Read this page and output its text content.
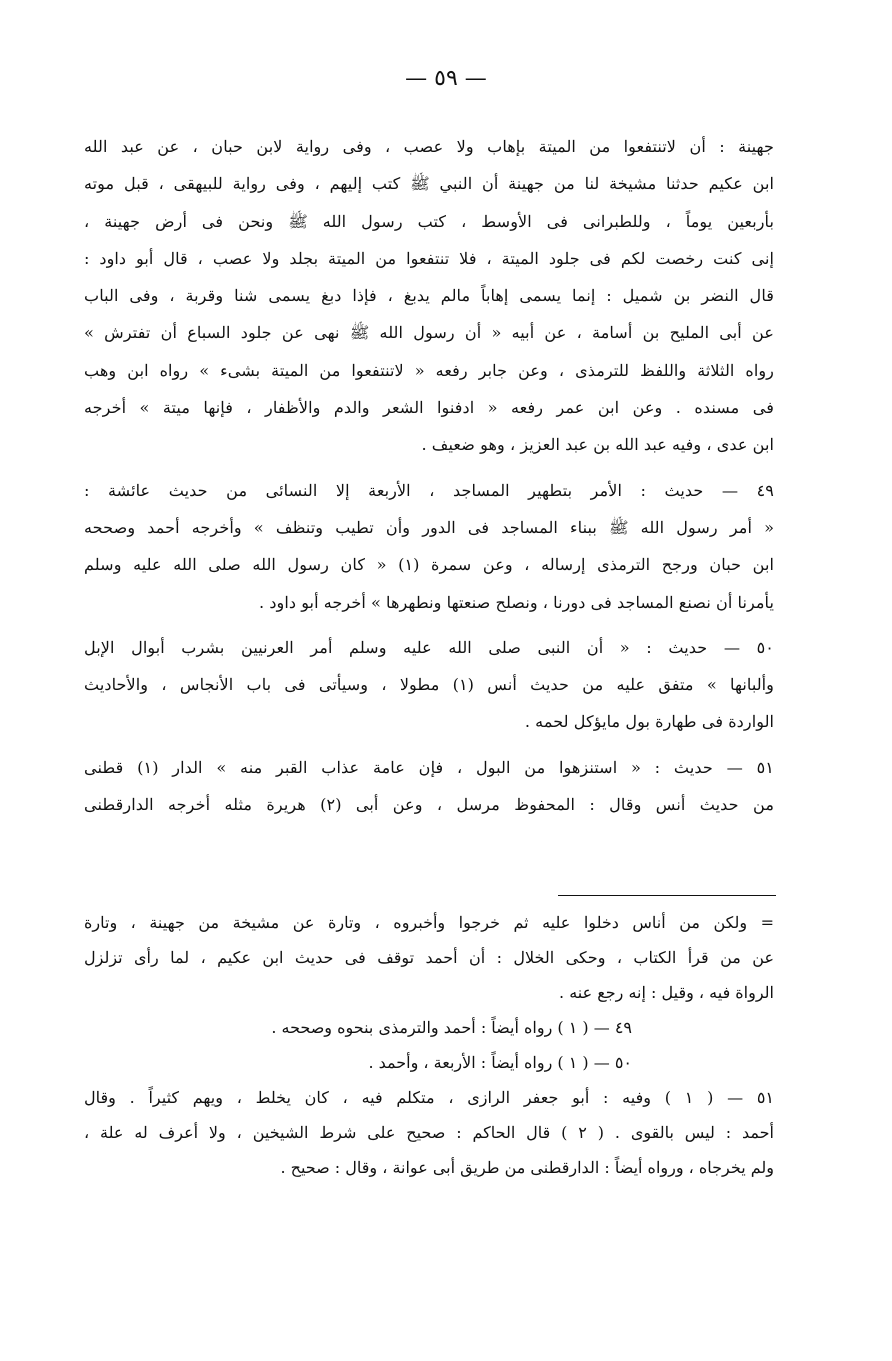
— ٥٩ —
جهينة : أن لاتنتفعوا من الميتة بإهاب ولا عصب ، وفى رواية لابن حبان ، عن عبد الله
ابن عكيم حدثنا مشيخة لنا من جهينة أن النبي ﷺ كتب إليهم ، وفى رواية للبيهقى ، قبل موته
بأربعين يوماً ، وللطبرانى فى الأوسط ، كتب رسول الله ﷺ ونحن فى أرض جهينة ،
إنى كنت رخصت لكم فى جلود الميتة ، فلا تنتفعوا من الميتة بجلد ولا عصب ، قال أبو داود :
قال النضر بن شميل : إنما يسمى إهاباً مالم يدبغ ، فإذا دبغ يسمى شنا وقربة ، وفى الباب
عن أبى المليح بن أسامة ، عن أبيه « أن رسول الله ﷺ نهى عن جلود السباع أن تفترش »
رواه الثلاثة واللفظ للترمذى ، وعن جابر رفعه « لاتنتفعوا من الميتة بشىء » رواه ابن وهب
فى مسنده . وعن ابن عمر رفعه « ادفنوا الشعر والدم والأظفار ، فإنها ميتة » أخرجه
ابن عدى ، وفيه عبد الله بن عبد العزيز ، وهو ضعيف .
٤٩ — حديث : الأمر بتطهير المساجد ، الأربعة إلا النسائى من حديث عائشة :
« أمر رسول الله ﷺ ببناء المساجد فى الدور وأن تطيب وتنظف » وأخرجه أحمد وصححه
ابن حبان ورجح الترمذى إرساله ، وعن سمرة (١) « كان رسول الله صلى الله عليه وسلم
يأمرنا أن نصنع المساجد فى دورنا ، ونصلح صنعتها ونطهرها » أخرجه أبو داود .
٥٠ — حديث : « أن النبى صلى الله عليه وسلم أمر العرنيين بشرب أبوال الإبل
وألبانها » متفق عليه من حديث أنس (١) مطولا ، وسيأتى فى باب الأنجاس ، والأحاديث
الواردة فى طهارة بول مايؤكل لحمه .
٥١ — حديث : « استنزهوا من البول ، فإن عامة عذاب القبر منه » الدار (١) قطنى
من حديث أنس وقال : المحفوظ مرسل ، وعن أبى (٢) هريرة مثله أخرجه الدارقطنى
= ولكن من أناس دخلوا عليه ثم خرجوا وأخبروه ، وتارة عن مشيخة من جهينة ، وتارة
عن من قرأ الكتاب ، وحكى الخلال : أن أحمد توقف فى حديث ابن عكيم ، لما رأى تزلزل
الرواة فيه ، وقيل : إنه رجع عنه .
٤٩ — ( ١ ) رواه أيضاً : أحمد والترمذى بنحوه وصححه .
٥٠ — ( ١ ) رواه أيضاً : الأربعة ، وأحمد .
٥١ — ( ١ ) وفيه : أبو جعفر الرازى ، متكلم فيه ، كان يخلط ، ويهم كثيراً . وقال
أحمد : ليس بالقوى . ( ٢ ) قال الحاكم : صحيح على شرط الشيخين ، ولا أعرف له علة ،
ولم يخرجاه ، ورواه أيضاً : الدارقطنى من طريق أبى عوانة ، وقال : صحيح .
